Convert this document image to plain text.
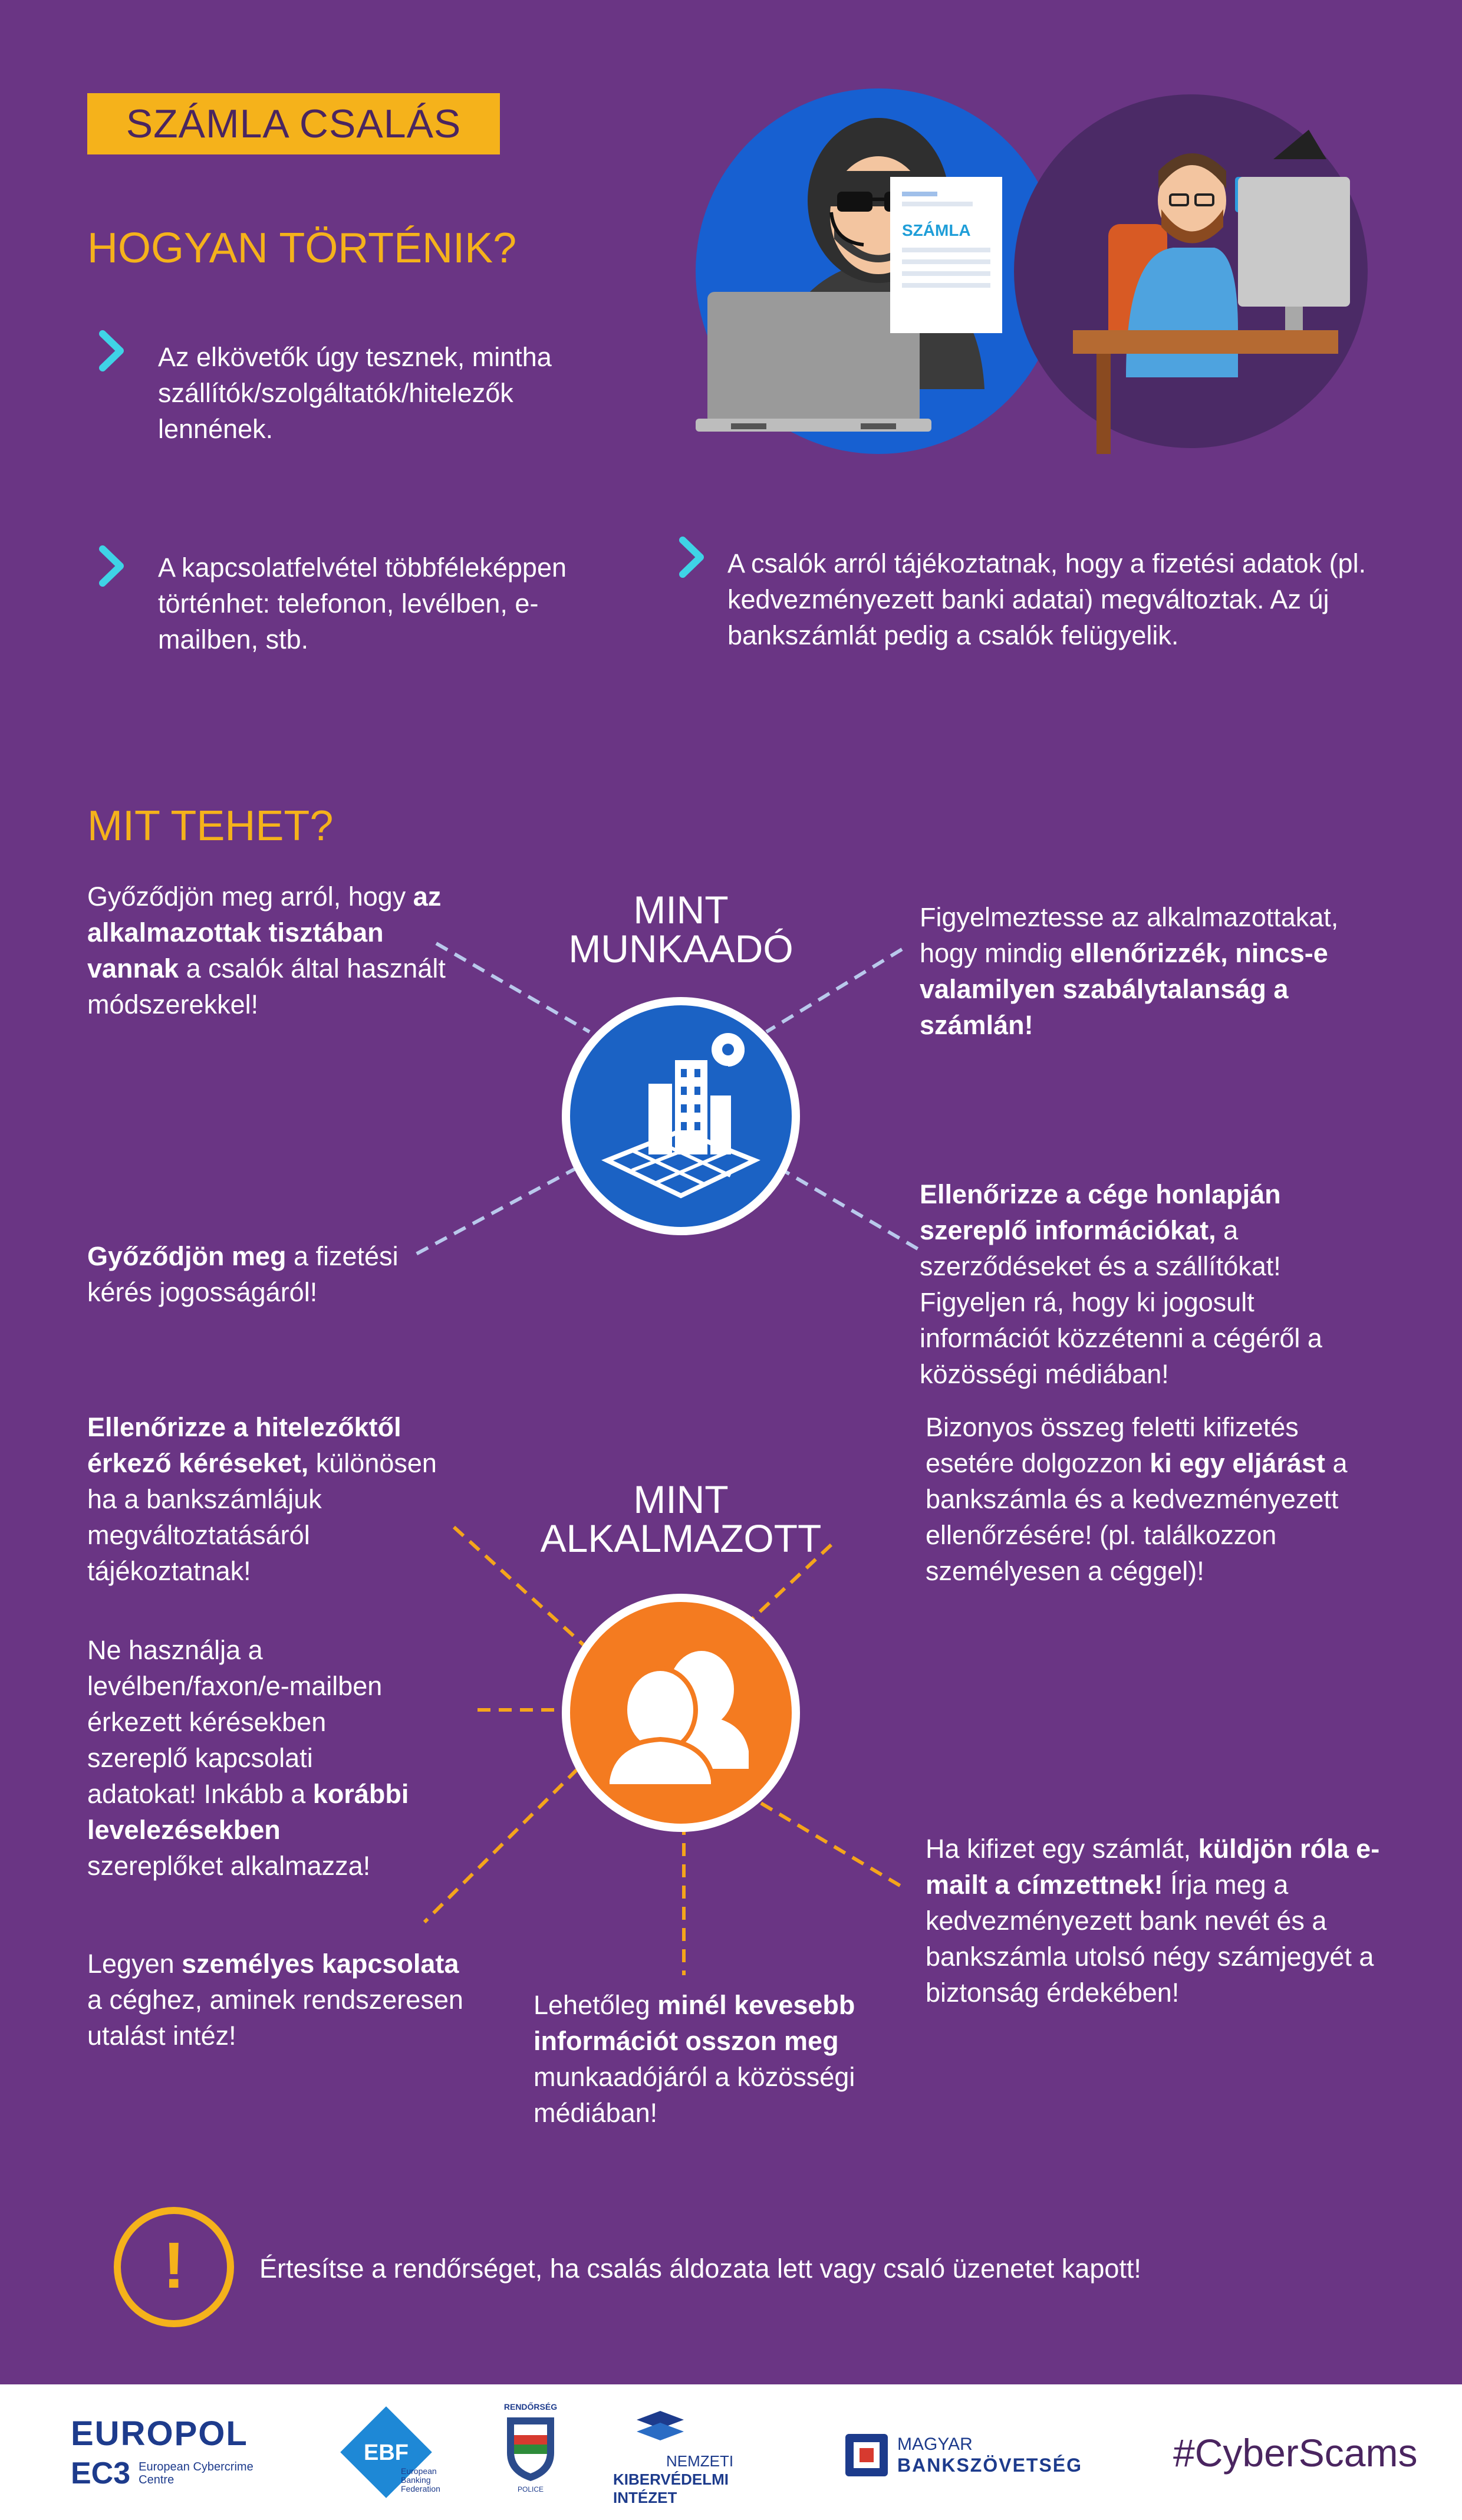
SZÁMLA CSALÁS
HOGYAN TÖRTÉNIK?	SZÁMLA
Az elkövetők úgy tesznek, mintha szállítók/szolgáltatók/hitelezők lennének.
A kapcsolatfelvétel többféleképpen történhet: telefonon, levélben, e-mailben, stb.
A csalók arról tájékoztatnak, hogy a fizetési adatok (pl. kedvezményezett banki adatai) megváltoztak. Az új bankszámlát pedig a csalók felügyelik.
MIT TEHET?
MINT
MUNKAADÓ
Győződjön meg arról, hogy az alkalmazottak tisztában vannak a csalók által használt módszerekkel!
Figyelmeztesse az alkalmazottakat, hogy mindig ellenőrizzék, nincs-e valamilyen szabálytalanság a számlán!
Győződjön meg a fizetési kérés jogosságáról!
Ellenőrizze a cége honlapján szereplő információkat, a szerződéseket és a szállítókat! Figyeljen rá, hogy ki jogosult információt közzétenni a cégéről a közösségi médiában!
MINT
ALKALMAZOTT
Ellenőrizze a hitelezőktől érkező kéréseket, különösen ha a bankszámlájuk megváltoztatásáról tájékoztatnak!
Bizonyos összeg feletti kifizetés esetére dolgozzon ki egy eljárást a bankszámla és a kedvezményezett ellenőrzésére! (pl. találkozzon személyesen a céggel)!
Ne használja a levélben/faxon/e-mailben érkezett kérésekben szereplő kapcsolati adatokat! Inkább a korábbi levelezésekben szereplőket alkalmazza!
Ha kifizet egy számlát, küldjön róla e-mailt a címzettnek! Írja meg a kedvezményezett bank nevét és a bankszámla utolsó négy számjegyét a biztonság érdekében!
Legyen személyes kapcsolata a céghez, aminek rendszeresen utalást intéz!
Lehetőleg minél kevesebb információt osszon meg munkaadójáról a közösségi médiában!
!	Értesítse a rendőrséget, ha csalás áldozata lett vagy csaló üzenetet kapott!
EUROPOL
EC3 European Cybercrime
Centre
EBF
European Banking Federation
RENDŐRSÉG
POLICE
NEMZETI
KIBERVÉDELMI INTÉZET
MAGYAR
BANKSZÖVETSÉG #CyberScams
